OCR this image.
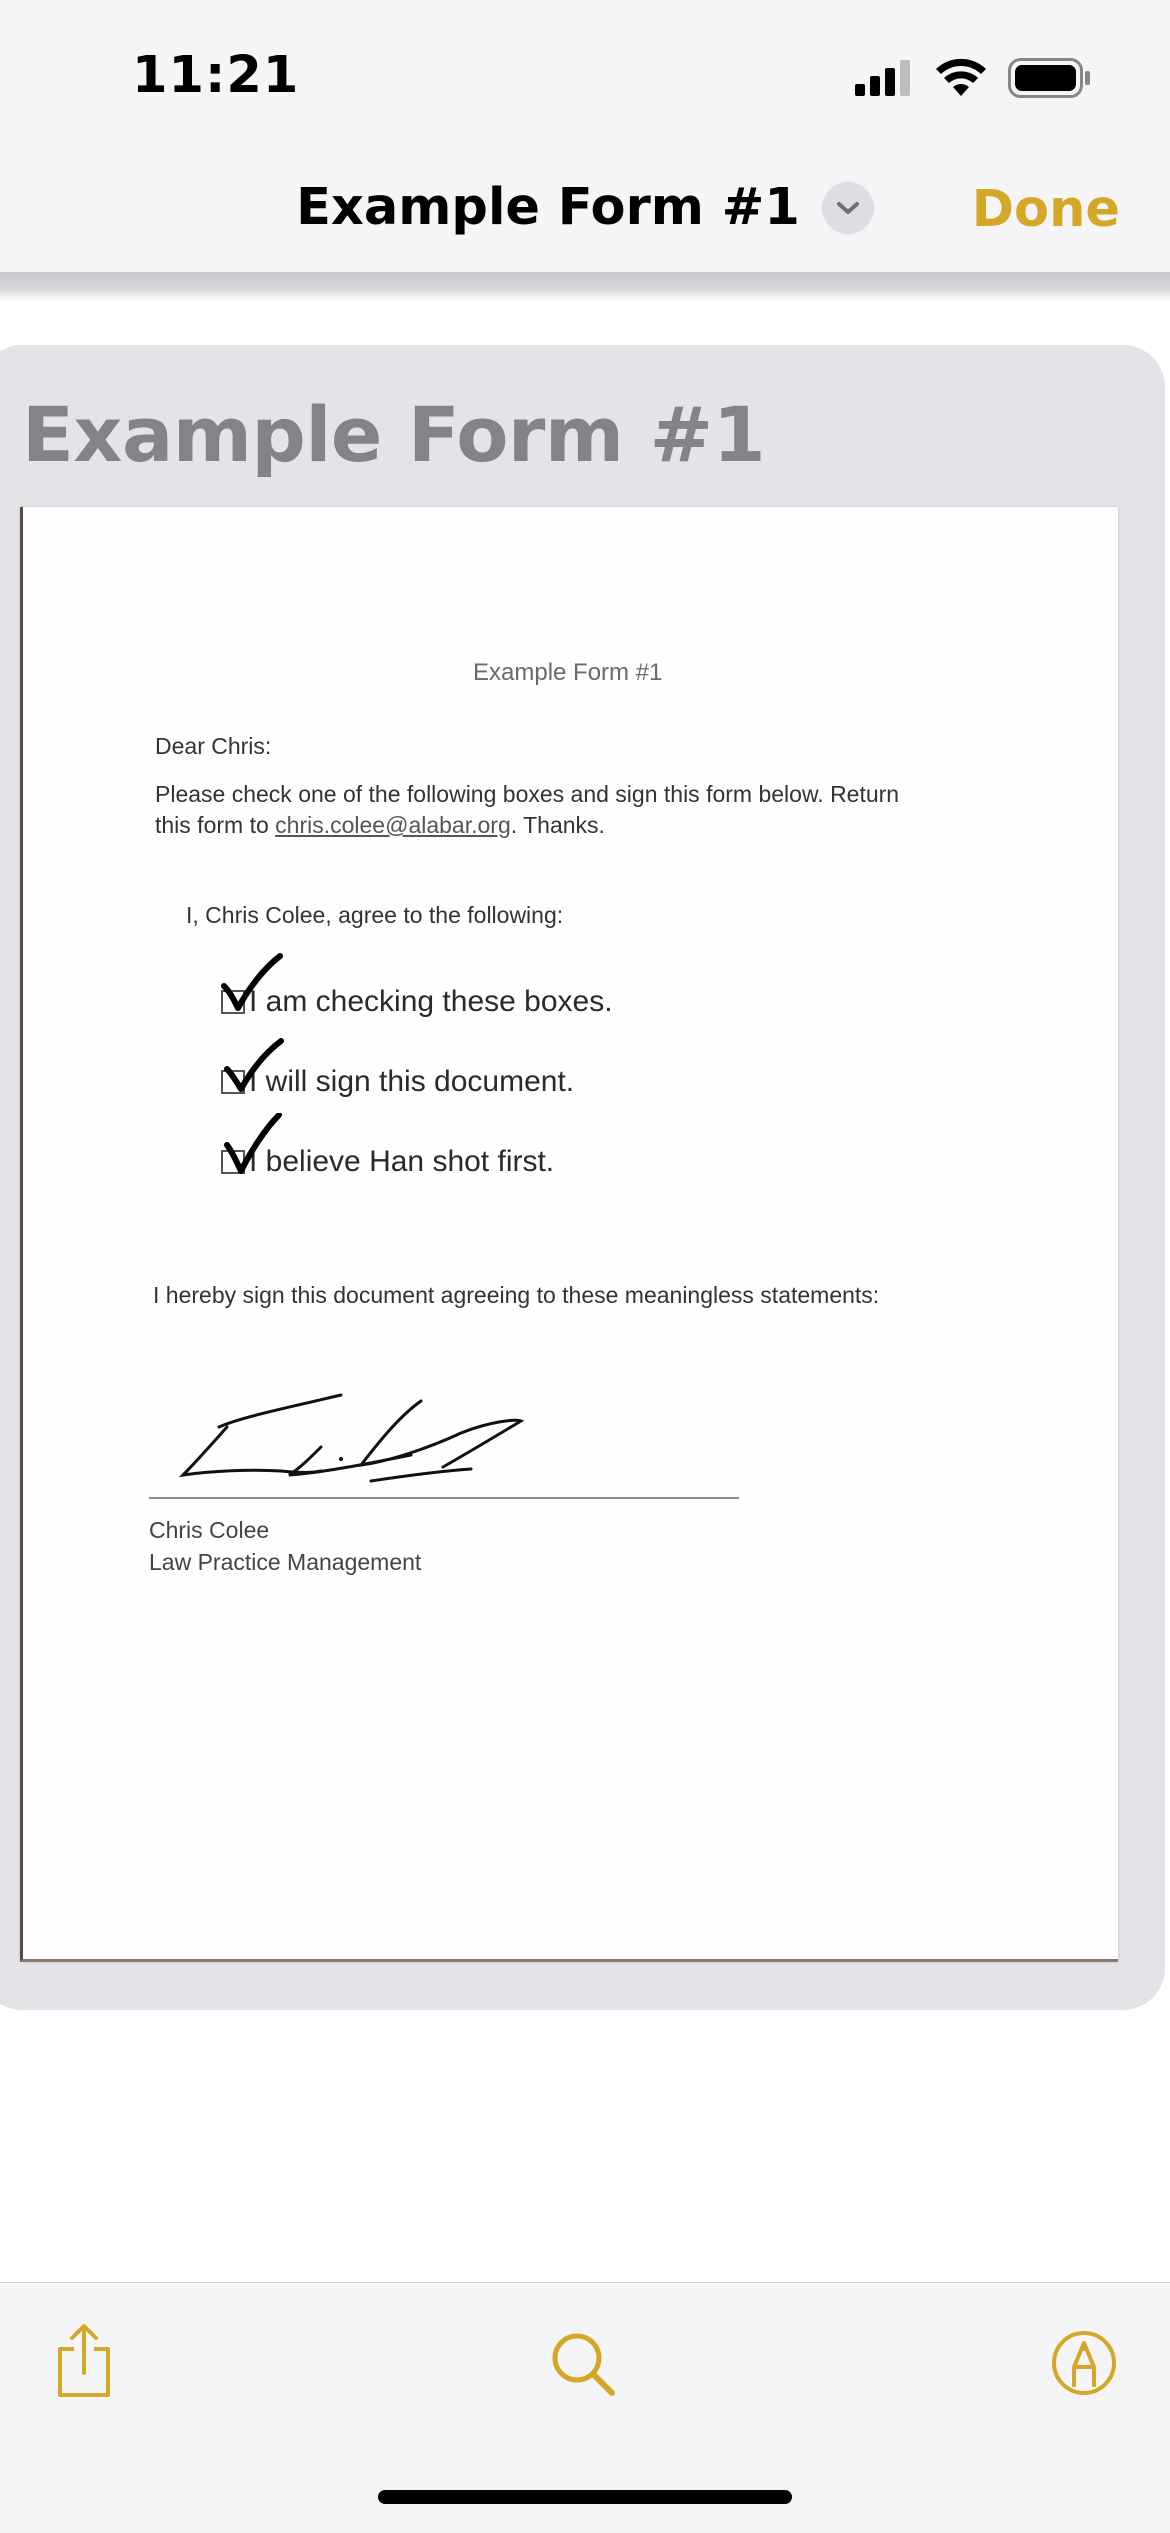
11:21
Example Form #1	Done
Example Form #1
Example Form #1
Dear Chris:
Please check one of the following boxes and sign this form below. Return
this form to chris.colee@alabar.org. Thanks.
I, Chris Colee, agree to the following:
I am checking these boxes.
I will sign this document.
I believe Han shot first.
I hereby sign this document agreeing to these meaningless statements:
Chris Colee
Law Practice Management
